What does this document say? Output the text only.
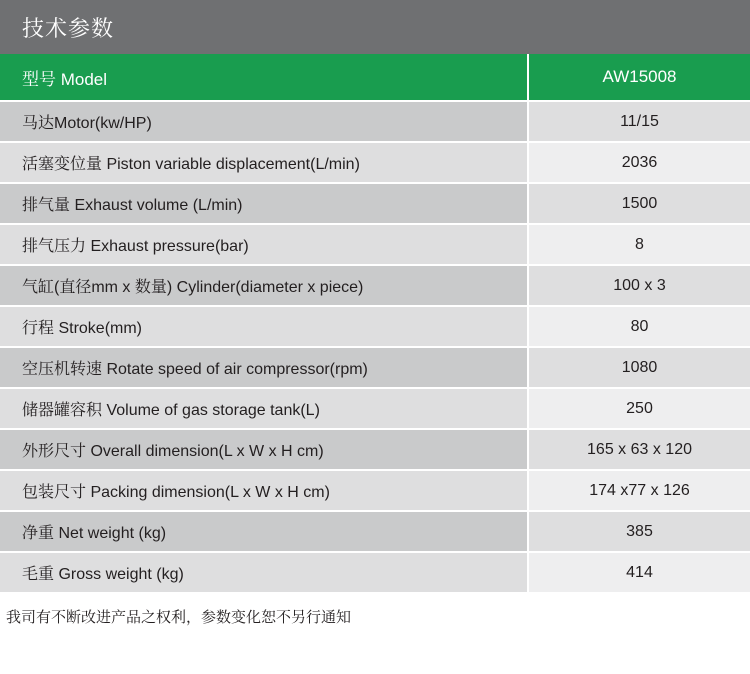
技术参数
型号 Model	AW15008
马达Motor(kw/HP)	11/15
活塞变位量 Piston variable displacement(L/min)	2036
排气量 Exhaust volume (L/min)	1500
排气压力 Exhaust pressure(bar)	8
气缸(直径mm x 数量) Cylinder(diameter x piece)	100 x 3
行程 Stroke(mm)	80
空压机转速 Rotate speed of air compressor(rpm)	1080
储器罐容积 Volume of gas storage tank(L)	250
外形尺寸 Overall dimension(L x W x H cm)	165 x 63 x 120
包装尺寸 Packing dimension(L x W x H cm)	174 x77 x 126
净重 Net weight (kg)	385
毛重 Gross weight (kg)	414
我司有不断改进产品之权利，参数变化恕不另行通知
